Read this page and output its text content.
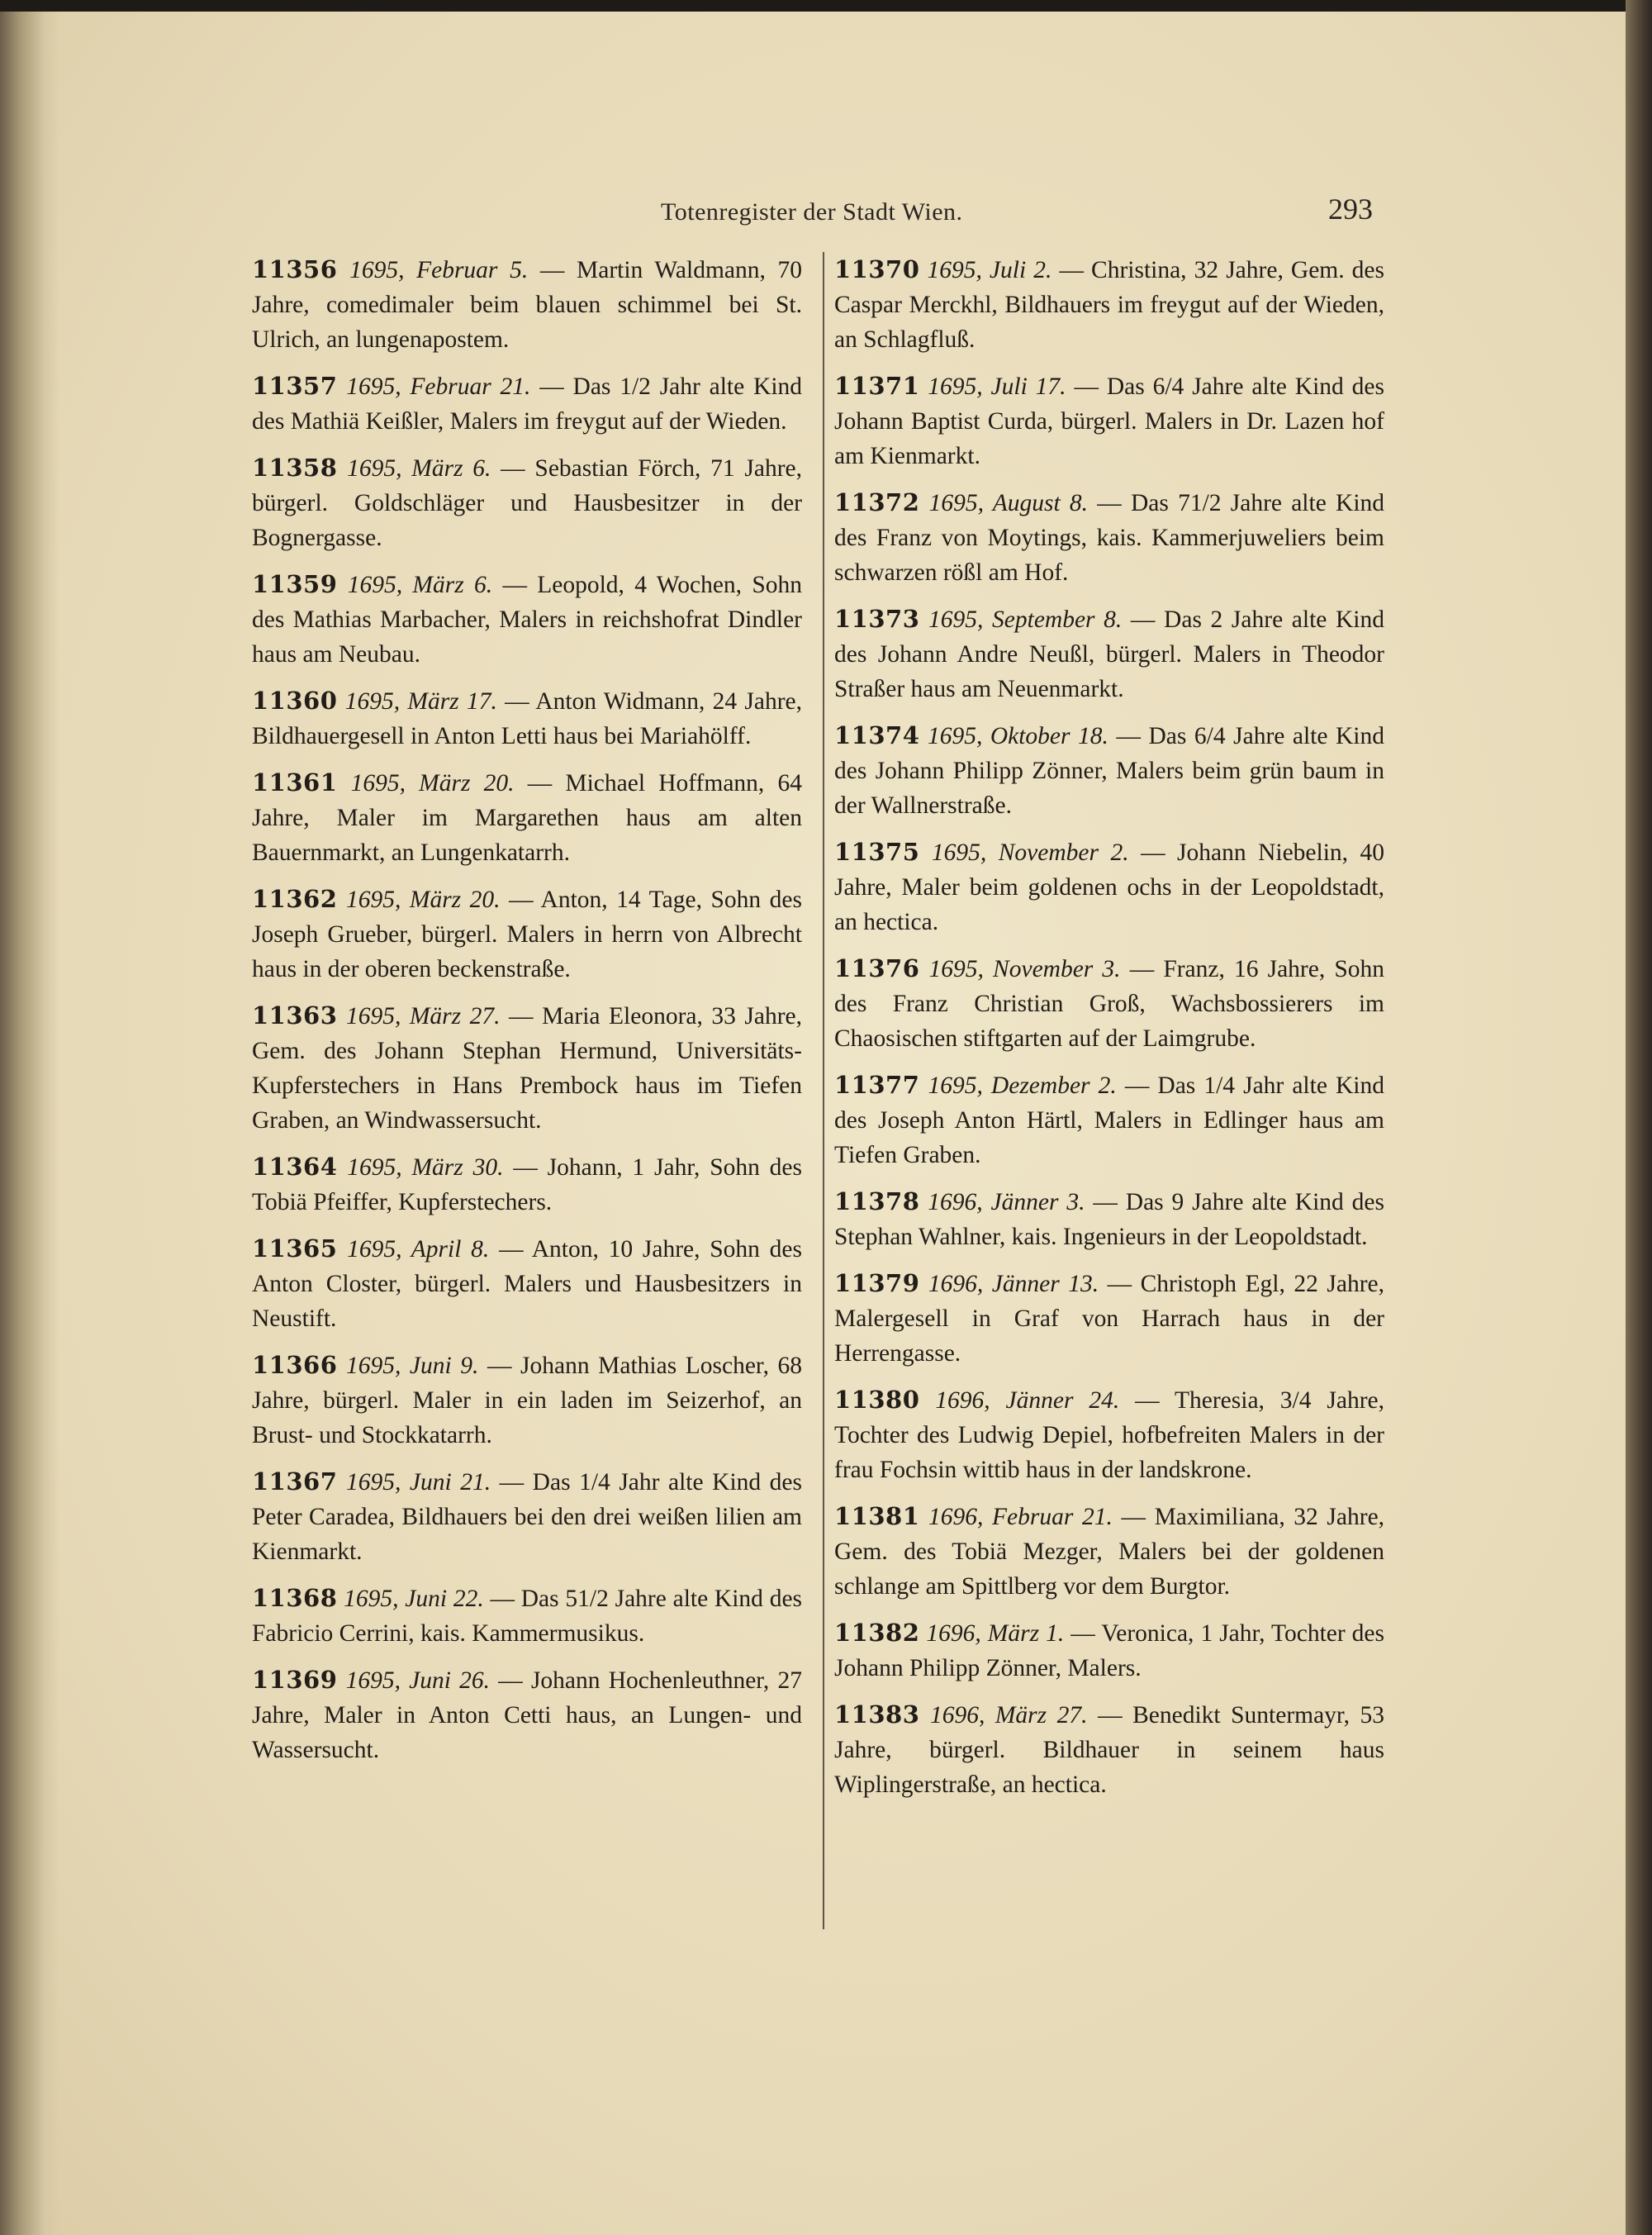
Totenregister der Stadt Wien.	293

11356 1695, Februar 5. — Martin Waldmann, 70 Jahre, comedimaler beim blauen schimmel bei St. Ulrich, an lungenapostem.

11357 1695, Februar 21. — Das 1/2 Jahr alte Kind des Mathiä Keißler, Malers im freygut auf der Wieden.

11358 1695, März 6. — Sebastian Förch, 71 Jahre, bürgerl. Goldschläger und Hausbesitzer in der Bognergasse.

11359 1695, März 6. — Leopold, 4 Wochen, Sohn des Mathias Marbacher, Malers in reichshofrat Dindler haus am Neubau.

11360 1695, März 17. — Anton Widmann, 24 Jahre, Bildhauergesell in Anton Letti haus bei Mariahölff.

11361 1695, März 20. — Michael Hoffmann, 64 Jahre, Maler im Margarethen haus am alten Bauernmarkt, an Lungenkatarrh.

11362 1695, März 20. — Anton, 14 Tage, Sohn des Joseph Grueber, bürgerl. Malers in herrn von Albrecht haus in der oberen beckenstraße.

11363 1695, März 27. — Maria Eleonora, 33 Jahre, Gem. des Johann Stephan Hermund, Universitäts-Kupferstechers in Hans Prembock haus im Tiefen Graben, an Windwassersucht.

11364 1695, März 30. — Johann, 1 Jahr, Sohn des Tobiä Pfeiffer, Kupferstechers.

11365 1695, April 8. — Anton, 10 Jahre, Sohn des Anton Closter, bürgerl. Malers und Hausbesitzers in Neustift.

11366 1695, Juni 9. — Johann Mathias Loscher, 68 Jahre, bürgerl. Maler in ein laden im Seizerhof, an Brust- und Stockkatarrh.

11367 1695, Juni 21. — Das 1/4 Jahr alte Kind des Peter Caradea, Bildhauers bei den drei weißen lilien am Kienmarkt.

11368 1695, Juni 22. — Das 51/2 Jahre alte Kind des Fabricio Cerrini, kais. Kammermusikus.

11369 1695, Juni 26. — Johann Hochenleuthner, 27 Jahre, Maler in Anton Cetti haus, an Lungen- und Wassersucht.

11370 1695, Juli 2. — Christina, 32 Jahre, Gem. des Caspar Merckhl, Bildhauers im freygut auf der Wieden, an Schlagfluß.

11371 1695, Juli 17. — Das 6/4 Jahre alte Kind des Johann Baptist Curda, bürgerl. Malers in Dr. Lazen hof am Kienmarkt.

11372 1695, August 8. — Das 71/2 Jahre alte Kind des Franz von Moytings, kais. Kammerjuweliers beim schwarzen rößl am Hof.

11373 1695, September 8. — Das 2 Jahre alte Kind des Johann Andre Neußl, bürgerl. Malers in Theodor Straßer haus am Neuenmarkt.

11374 1695, Oktober 18. — Das 6/4 Jahre alte Kind des Johann Philipp Zönner, Malers beim grün baum in der Wallnerstraße.

11375 1695, November 2. — Johann Niebelin, 40 Jahre, Maler beim goldenen ochs in der Leopoldstadt, an hectica.

11376 1695, November 3. — Franz, 16 Jahre, Sohn des Franz Christian Groß, Wachsbossierers im Chaosischen stiftgarten auf der Laimgrube.

11377 1695, Dezember 2. — Das 1/4 Jahr alte Kind des Joseph Anton Härtl, Malers in Edlinger haus am Tiefen Graben.

11378 1696, Jänner 3. — Das 9 Jahre alte Kind des Stephan Wahlner, kais. Ingenieurs in der Leopoldstadt.

11379 1696, Jänner 13. — Christoph Egl, 22 Jahre, Malergesell in Graf von Harrach haus in der Herrengasse.

11380 1696, Jänner 24. — Theresia, 3/4 Jahre, Tochter des Ludwig Depiel, hofbefreiten Malers in der frau Fochsin wittib haus in der landskrone.

11381 1696, Februar 21. — Maximiliana, 32 Jahre, Gem. des Tobiä Mezger, Malers bei der goldenen schlange am Spittlberg vor dem Burgtor.

11382 1696, März 1. — Veronica, 1 Jahr, Tochter des Johann Philipp Zönner, Malers.

11383 1696, März 27. — Benedikt Suntermayr, 53 Jahre, bürgerl. Bildhauer in seinem haus Wiplingerstraße, an hectica.
